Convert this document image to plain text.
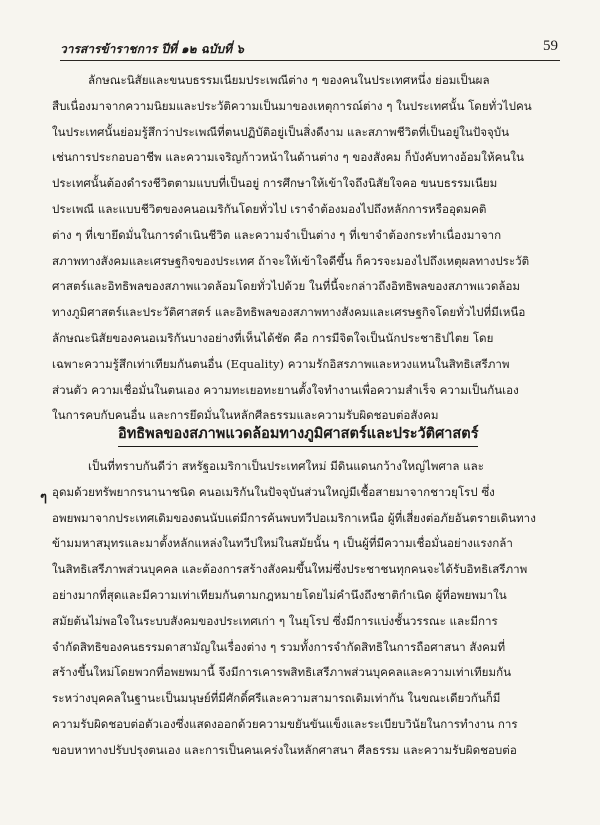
วารสารข้าราชการ ปีที่ ๑๒ ฉบับที่ ๖	59

ลักษณะนิสัยและขนบธรรมเนียมประเพณีต่าง ๆ ของคนในประเทศหนึ่ง ย่อมเป็นผล

สืบเนื่องมาจากความนิยมและประวัติความเป็นมาของเหตุการณ์ต่าง ๆ ในประเทศนั้น โดยทั่วไปคน

ในประเทศนั้นย่อมรู้สึกว่าประเพณีที่ตนปฏิบัติอยู่เป็นสิ่งดีงาม และสภาพชีวิตที่เป็นอยู่ในปัจจุบัน

เช่นการประกอบอาชีพ และความเจริญก้าวหน้าในด้านต่าง ๆ ของสังคม ก็บังคับทางอ้อมให้คนใน

ประเทศนั้นต้องดำรงชีวิตตามแบบที่เป็นอยู่ การศึกษาให้เข้าใจถึงนิสัยใจคอ ขนบธรรมเนียม

ประเพณี และแบบชีวิตของคนอเมริกันโดยทั่วไป เราจำต้องมองไปถึงหลักการหรืออุดมคติ

ต่าง ๆ ที่เขายึดมั่นในการดำเนินชีวิต และความจำเป็นต่าง ๆ ที่เขาจำต้องกระทำเนื่องมาจาก

สภาพทางสังคมและเศรษฐกิจของประเทศ ถ้าจะให้เข้าใจดีขึ้น ก็ควรจะมองไปถึงเหตุผลทางประวัติ

ศาสตร์และอิทธิพลของสภาพแวดล้อมโดยทั่วไปด้วย ในที่นี้จะกล่าวถึงอิทธิพลของสภาพแวดล้อม

ทางภูมิศาสตร์และประวัติศาสตร์ และอิทธิพลของสภาพทางสังคมและเศรษฐกิจโดยทั่วไปที่มีเหนือ

ลักษณะนิสัยของคนอเมริกันบางอย่างที่เห็นได้ชัด คือ การมีจิตใจเป็นนักประชาธิปไตย โดย

เฉพาะความรู้สึกเท่าเทียมกันตนอื่น (Equality) ความรักอิสรภาพและหวงแหนในสิทธิเสรีภาพ

ส่วนตัว ความเชื่อมั่นในตนเอง ความทะเยอทะยานตั้งใจทำงานเพื่อความสำเร็จ ความเป็นกันเอง

ในการคบกับคนอื่น และการยึดมั่นในหลักศีลธรรมและความรับผิดชอบต่อสังคม

อิทธิพลของสภาพแวดล้อมทางภูมิศาสตร์และประวัติศาสตร์
ๆ

เป็นที่ทราบกันดีว่า สหรัฐอเมริกาเป็นประเทศใหม่ มีดินแดนกว้างใหญ่ไพศาล และ

อุดมด้วยทรัพยากรนานาชนิด คนอเมริกันในปัจจุบันส่วนใหญ่มีเชื้อสายมาจากชาวยุโรป ซึ่ง

อพยพมาจากประเทศเดิมของตนนับแต่มีการค้นพบทวีปอเมริกาเหนือ ผู้ที่เสี่ยงต่อภัยอันตรายเดินทาง

ข้ามมหาสมุทรและมาตั้งหลักแหล่งในทวีปใหม่ในสมัยนั้น ๆ เป็นผู้ที่มีความเชื่อมั่นอย่างแรงกล้า

ในสิทธิเสรีภาพส่วนบุคคล และต้องการสร้างสังคมขึ้นใหม่ซึ่งประชาชนทุกคนจะได้รับอิทธิเสรีภาพ

อย่างมากที่สุดและมีความเท่าเทียมกันตามกฎหมายโดยไม่คำนึงถึงชาติกำเนิด ผู้ที่อพยพมาใน

สมัยต้นไม่พอใจในระบบสังคมของประเทศเก่า ๆ ในยุโรป ซึ่งมีการแบ่งชั้นวรรณะ และมีการ

จำกัดสิทธิของคนธรรมดาสามัญในเรื่องต่าง ๆ รวมทั้งการจำกัดสิทธิในการถือศาสนา สังคมที่

สร้างขึ้นใหม่โดยพวกที่อพยพมานี้ จึงมีการเคารพสิทธิเสรีภาพส่วนบุคคลและความเท่าเทียมกัน

ระหว่างบุคคลในฐานะเป็นมนุษย์ที่มีศักดิ์ศรีและความสามารถเดิมเท่ากัน ในขณะเดียวกันก็มี

ความรับผิดชอบต่อตัวเองซึ่งแสดงออกด้วยความขยันขันแข็งและระเบียบวินัยในการทำงาน การ

ขอบหาทางปรับปรุงตนเอง และการเป็นคนเคร่งในหลักศาสนา ศีลธรรม และความรับผิดชอบต่อ
